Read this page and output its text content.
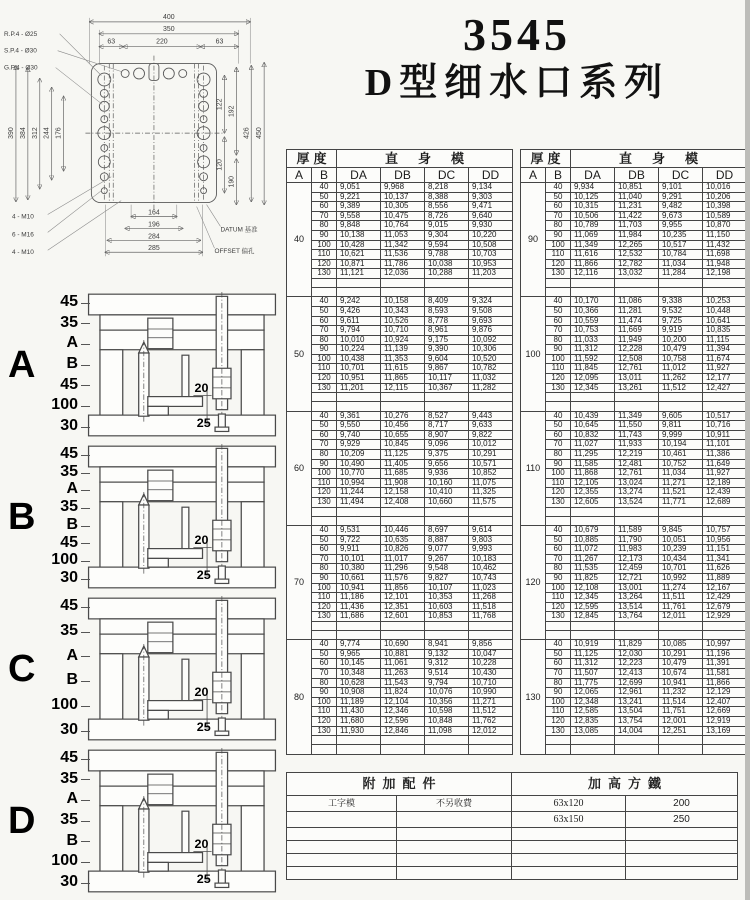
400
350
63	220	63
R.P.4 - Ø25
S.P.4 - Ø30
G.P.4 - Ø30
390 384 312 244 176
122
192
120
190
426 450
164
196
284
285
4 - M10
6 - M16
4 - M10
DATUM 基准
OFFSET 偏孔
3545
D型细水口系列
厚度		直身模			
A	B	DA	DB	DC	DD
40	40	9,051	9,968	8,218	9,134
	50	9,221	10,137	8,388	9,303
	60	9,389	10,305	8,556	9,471
	70	9,558	10,475	8,726	9,640
	80	9,848	10,764	9,015	9,930
	90	10,138	11,053	9,304	10,220
	100	10,428	11,342	9,594	10,508
	110	10,621	11,536	9,788	10,703
	120	10,871	11,786	10,038	10,953
	130	11,121	12,036	10,288	11,203

50	40	9,242	10,158	8,409	9,324
	50	9,426	10,343	8,593	9,508
	60	9,611	10,526	8,778	9,693
	70	9,794	10,710	8,961	9,876
	80	10,010	10,924	9,175	10,092
	90	10,224	11,139	9,390	10,306
	100	10,438	11,353	9,604	10,520
	110	10,701	11,615	9,867	10,782
	120	10,951	11,865	10,117	11,032
	130	11,201	12,115	10,367	11,282

60	40	9,361	10,276	8,527	9,443
	50	9,550	10,456	8,717	9,633
	60	9,740	10,655	8,907	9,822
	70	9,929	10,845	9,096	10,012
	80	10,209	11,125	9,375	10,291
	90	10,490	11,405	9,656	10,571
	100	10,770	11,685	9,936	10,852
	110	10,994	11,908	10,160	11,075
	120	11,244	12,158	10,410	11,325
	130	11,494	12,408	10,660	11,575

70	40	9,531	10,446	8,697	9,614
	50	9,722	10,635	8,887	9,803
	60	9,911	10,826	9,077	9,993
	70	10,101	11,017	9,267	10,183
	80	10,380	11,296	9,548	10,462
	90	10,661	11,576	9,827	10,743
	100	10,941	11,856	10,107	11,023
	110	11,186	12,101	10,353	11,268
	120	11,436	12,351	10,603	11,518
	130	11,686	12,601	10,853	11,768

80	40	9,774	10,690	8,941	9,856
	50	9,965	10,881	9,132	10,047
	60	10,145	11,061	9,312	10,228
	70	10,348	11,263	9,514	10,430
	80	10,628	11,543	9,794	10,710
	90	10,908	11,824	10,076	10,990
	100	11,189	12,104	10,356	11,271
	110	11,430	12,346	10,598	11,512
	120	11,680	12,596	10,848	11,762
	130	11,930	12,846	11,098	12,012

厚度		直身模			
A	B	DA	DB	DC	DD
90	40	9,934	10,851	9,101	10,016
	50	10,125	11,040	9,291	10,206
	60	10,315	11,231	9,482	10,398
	70	10,506	11,422	9,673	10,589
	80	10,789	11,703	9,955	10,870
	90	11,069	11,984	10,235	11,150
	100	11,349	12,265	10,517	11,432
	110	11,616	12,532	10,784	11,698
	120	11,866	12,782	11,034	11,948
	130	12,116	13,032	11,284	12,198

100	40	10,170	11,086	9,338	10,253
	50	10,366	11,281	9,532	10,448
	60	10,559	11,474	9,725	10,641
	70	10,753	11,669	9,919	10,835
	80	11,033	11,949	10,200	11,115
	90	11,312	12,228	10,479	11,394
	100	11,592	12,508	10,758	11,674
	110	11,845	12,761	11,012	11,927
	120	12,095	13,011	11,262	12,177
	130	12,345	13,261	11,512	12,427

110	40	10,439	11,349	9,605	10,517
	50	10,645	11,550	9,811	10,716
	60	10,832	11,743	9,999	10,911
	70	11,027	11,933	10,194	11,101
	80	11,295	12,219	10,461	11,386
	90	11,585	12,481	10,752	11,649
	100	11,868	12,761	11,034	11,927
	110	12,105	13,024	11,271	12,189
	120	12,355	13,274	11,521	12,439
	130	12,605	13,524	11,771	12,689

120	40	10,679	11,589	9,845	10,757
	50	10,885	11,790	10,051	10,956
	60	11,072	11,983	10,239	11,151
	70	11,267	12,173	10,434	11,341
	80	11,535	12,459	10,701	11,626
	90	11,825	12,721	10,992	11,889
	100	12,108	13,001	11,274	12,167
	110	12,345	13,264	11,511	12,429
	120	12,595	13,514	11,761	12,679
	130	12,845	13,764	12,011	12,929

130	40	10,919	11,829	10,085	10,997
	50	11,125	12,030	10,291	11,196
	60	11,312	12,223	10,479	11,391
	70	11,507	12,413	10,674	11,581
	80	11,775	12,699	10,941	11,866
	90	12,065	12,961	11,232	12,129
	100	12,348	13,241	11,514	12,407
	110	12,585	13,504	11,751	12,669
	120	12,835	13,754	12,001	12,919
	130	13,085	14,004	12,251	13,169

A
45
35
A
B
45
100
30
20
25
B
45
35
A
35
B
45
100
30
20
25
C
45
35
A
B
100
30
20
25
D
45
35
A
35
B
100
30
20
25
附加配件		加高方鐵	
工字模	不另收費	63x120	200
		63x150	250
